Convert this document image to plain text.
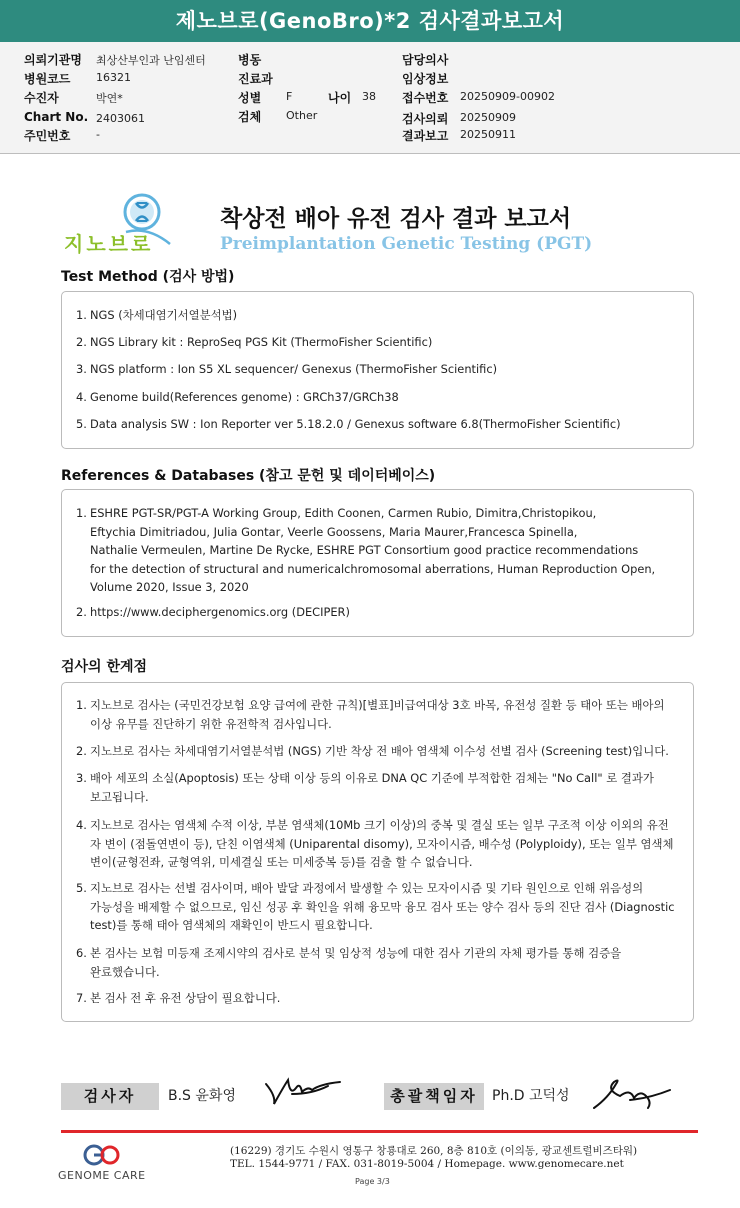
제노브로(GenoBro)*2 검사결과보고서
의뢰기관명 최상산부인과 난임센터
병원코드 16321
수진자	박연*
Chart No. 2403061
주민번호 -
병동
진료과
성별 F	나이 38
검체 Other
담당의사
임상정보
접수번호 20250909-00902
검사의뢰 20250909
결과보고 20250911
지노브로
착상전 배아 유전 검사 결과 보고서
Preimplantation Genetic Testing (PGT)
Test Method (검사 방법)
1. NGS (차세대염기서열분석법)
2. NGS Library kit : ReproSeq PGS Kit (ThermoFisher Scientific)
3. NGS platform : Ion S5 XL sequencer/ Genexus (ThermoFisher Scientific)
4. Genome build(References genome) : GRCh37/GRCh38
5. Data analysis SW : Ion Reporter ver 5.18.2.0 / Genexus software 6.8(ThermoFisher Scientific)
References & Databases (참고 문헌 및 데이터베이스)
1. ESHRE PGT-SR/PGT-A Working Group, Edith Coonen, Carmen Rubio, Dimitra,Christopikou,
Eftychia Dimitriadou, Julia Gontar, Veerle Goossens, Maria Maurer,Francesca Spinella,
Nathalie Vermeulen, Martine De Rycke, ESHRE PGT Consortium good practice recommendations
for the detection of structural and numericalchromosomal aberrations, Human Reproduction Open,
Volume 2020, Issue 3, 2020
2. https://www.deciphergenomics.org (DECIPER)
검사의 한계점
1. 지노브로 검사는 (국민건강보험 요양 급여에 관한 규칙)[별표]비급여대상 3호 바목, 유전성 질환 등 태아 또는 배아의
이상 유무를 진단하기 위한 유전학적 검사입니다.
2. 지노브로 검사는 차세대염기서열분석법 (NGS) 기반 착상 전 배아 염색체 이수성 선별 검사 (Screening test)입니다.
3. 배아 세포의 소실(Apoptosis) 또는 상태 이상 등의 이유로 DNA QC 기준에 부적합한 검체는 "No Call" 로 결과가
보고됩니다.
4. 지노브로 검사는 염색체 수적 이상, 부분 염색체(10Mb 크기 이상)의 중복 및 결실 또는 일부 구조적 이상 이외의 유전
자 변이 (점돌연변이 등), 단친 이염색체 (Uniparental disomy), 모자이시즘, 배수성 (Polyploidy), 또는 일부 염색체
변이(균형전좌, 균형역위, 미세결실 또는 미세중복 등)를 검출 할 수 없습니다.
5. 지노브로 검사는 선별 검사이며, 배아 발달 과정에서 발생할 수 있는 모자이시즘 및 기타 원인으로 인해 위음성의
가능성을 배제할 수 없으므로, 임신 성공 후 확인을 위해 융모막 융모 검사 또는 양수 검사 등의 진단 검사 (Diagnostic
test)를 통해 태아 염색체의 재확인이 반드시 필요합니다.
6. 본 검사는 보험 미등재 조제시약의 검사로 분석 및 임상적 성능에 대한 검사 기관의 자체 평가를 통해 검증을
완료했습니다.
7. 본 검사 전 후 유전 상담이 필요합니다.
검사자	B.S 윤화영	총괄책임자	Ph.D 고덕성
GENOME CARE
(16229) 경기도 수원시 영통구 창룡대로 260, 8층 810호 (이의동, 광교센트럴비즈타워)
TEL. 1544-9771 / FAX. 031-8019-5004 / Homepage. www.genomecare.net
Page 3/3
